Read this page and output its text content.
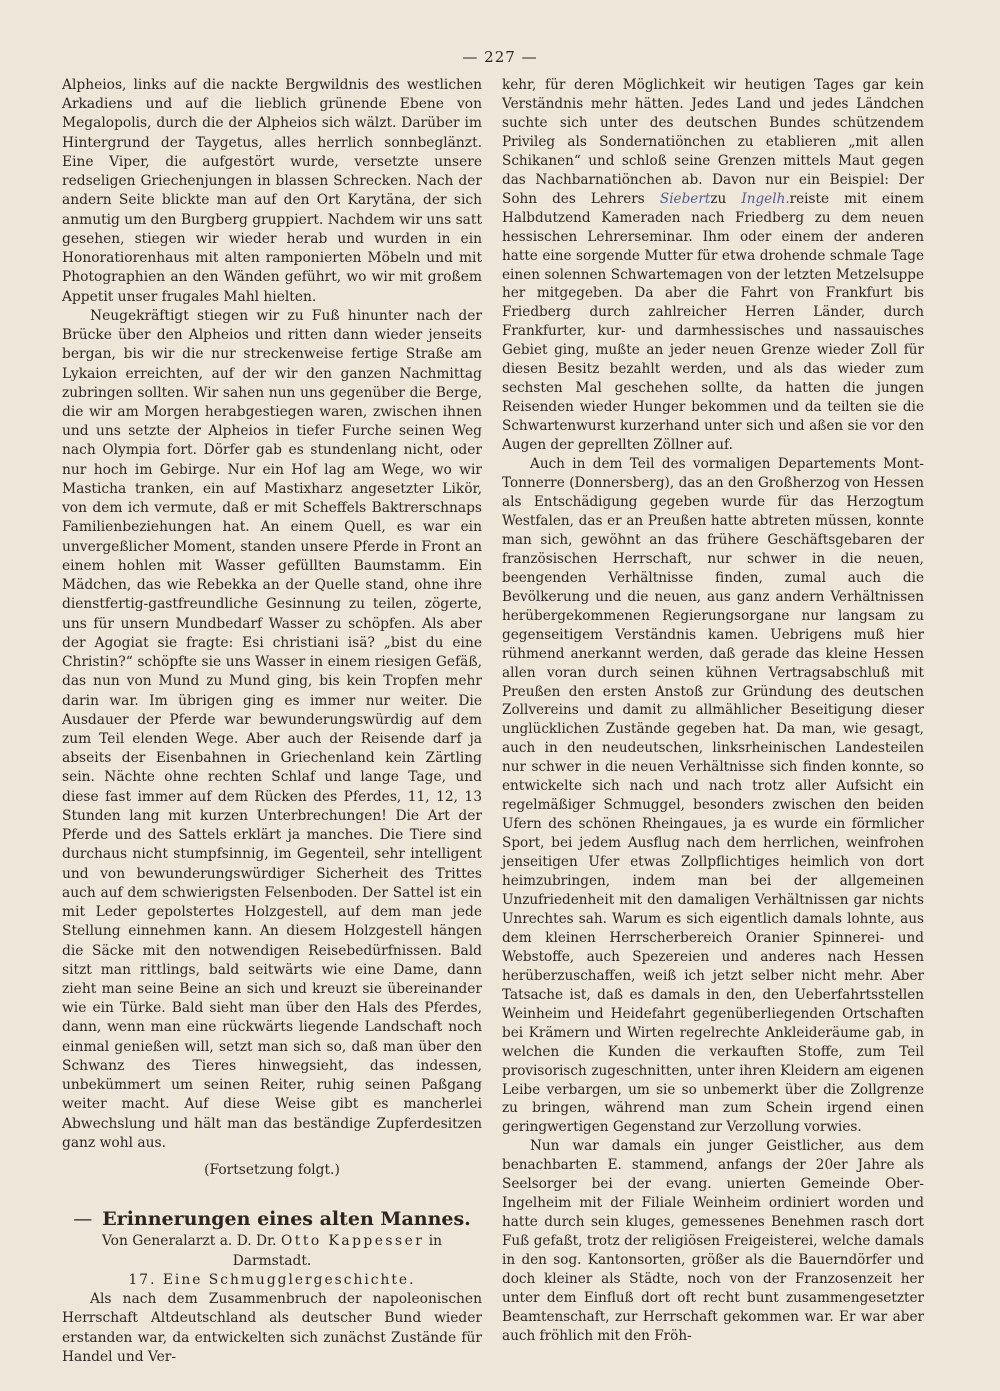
— 227 —

Alpheios, links auf die nackte Bergwildnis des westlichen Arkadiens und auf die lieblich grünende Ebene von Megalopolis, durch die der Alpheios sich wälzt. Darüber im Hintergrund der Taygetus, alles herrlich sonnbeglänzt. Eine Viper, die aufgestört wurde, versetzte unsere redseligen Griechenjungen in blassen Schrecken. Nach der andern Seite blickte man auf den Ort Karytäna, der sich anmutig um den Burgberg gruppiert. Nachdem wir uns satt gesehen, stiegen wir wieder herab und wurden in ein Honoratiorenhaus mit alten ramponierten Möbeln und mit Photographien an den Wänden geführt, wo wir mit großem Appetit unser frugales Mahl hielten.

Neugekräftigt stiegen wir zu Fuß hinunter nach der Brücke über den Alpheios und ritten dann wieder jenseits bergan, bis wir die nur streckenweise fertige Straße am Lykaion erreichten, auf der wir den ganzen Nachmittag zubringen sollten. Wir sahen nun uns gegenüber die Berge, die wir am Morgen herabgestiegen waren, zwischen ihnen und uns setzte der Alpheios in tiefer Furche seinen Weg nach Olympia fort. Dörfer gab es stundenlang nicht, oder nur hoch im Gebirge. Nur ein Hof lag am Wege, wo wir Masticha tranken, ein auf Mastixharz angesetzter Likör, von dem ich vermute, daß er mit Scheffels Baktrerschnaps Familienbeziehungen hat. An einem Quell, es war ein unvergeßlicher Moment, standen unsere Pferde in Front an einem hohlen mit Wasser gefüllten Baumstamm. Ein Mädchen, das wie Rebekka an der Quelle stand, ohne ihre dienstfertig-gastfreundliche Gesinnung zu teilen, zögerte, uns für unsern Mundbedarf Wasser zu schöpfen. Als aber der Agogiat sie fragte: Esi christiani isä? „bist du eine Christin?“ schöpfte sie uns Wasser in einem riesigen Gefäß, das nun von Mund zu Mund ging, bis kein Tropfen mehr darin war. Im übrigen ging es immer nur weiter. Die Ausdauer der Pferde war bewunderungswürdig auf dem zum Teil elenden Wege. Aber auch der Reisende darf ja abseits der Eisenbahnen in Griechenland kein Zärtling sein. Nächte ohne rechten Schlaf und lange Tage, und diese fast immer auf dem Rücken des Pferdes, 11, 12, 13 Stunden lang mit kurzen Unterbrechungen! Die Art der Pferde und des Sattels erklärt ja manches. Die Tiere sind durchaus nicht stumpfsinnig, im Gegenteil, sehr intelligent und von bewunderungswürdiger Sicherheit des Trittes auch auf dem schwierigsten Felsenboden. Der Sattel ist ein mit Leder gepolstertes Holzgestell, auf dem man jede Stellung einnehmen kann. An diesem Holzgestell hängen die Säcke mit den notwendigen Reisebedürfnissen. Bald sitzt man rittlings, bald seitwärts wie eine Dame, dann zieht man seine Beine an sich und kreuzt sie übereinander wie ein Türke. Bald sieht man über den Hals des Pferdes, dann, wenn man eine rückwärts liegende Landschaft noch einmal genießen will, setzt man sich so, daß man über den Schwanz des Tieres hinwegsieht, das indessen, unbekümmert um seinen Reiter, ruhig seinen Paßgang weiter macht. Auf diese Weise gibt es mancherlei Abwechslung und hält man das beständige Zupferdesitzen ganz wohl aus.

(Fortsetzung folgt.)

— Erinnerungen eines alten Mannes.

Von Generalarzt a. D. Dr. Otto Kappesser in Darmstadt.

17. Eine Schmugglergeschichte.

Als nach dem Zusammenbruch der napoleonischen Herrschaft Altdeutschland als deutscher Bund wieder erstanden war, da entwickelten sich zunächst Zustände für Handel und Ver-

kehr, für deren Möglichkeit wir heutigen Tages gar kein Verständnis mehr hätten. Jedes Land und jedes Ländchen suchte sich unter des deutschen Bundes schützendem Privileg als Sondernatiönchen zu etablieren „mit allen Schikanen“ und schloß seine Grenzen mittels Maut gegen das Nachbarnatiönchen ab. Davon nur ein Beispiel: Der Sohn des Lehrers Siebertzu Ingelh.reiste mit einem Halbdutzend Kameraden nach Friedberg zu dem neuen hessischen Lehrerseminar. Ihm oder einem der anderen hatte eine sorgende Mutter für etwa drohende schmale Tage einen solennen Schwartemagen von der letzten Metzelsuppe her mitgegeben. Da aber die Fahrt von Frankfurt bis Friedberg durch zahlreicher Herren Länder, durch Frankfurter, kur- und darmhessisches und nassauisches Gebiet ging, mußte an jeder neuen Grenze wieder Zoll für diesen Besitz bezahlt werden, und als das wieder zum sechsten Mal geschehen sollte, da hatten die jungen Reisenden wieder Hunger bekommen und da teilten sie die Schwartenwurst kurzerhand unter sich und aßen sie vor den Augen der geprellten Zöllner auf.

Auch in dem Teil des vormaligen Departements Mont-Tonnerre (Donnersberg), das an den Großherzog von Hessen als Entschädigung gegeben wurde für das Herzogtum Westfalen, das er an Preußen hatte abtreten müssen, konnte man sich, gewöhnt an das frühere Geschäftsgebaren der französischen Herrschaft, nur schwer in die neuen, beengenden Verhältnisse finden, zumal auch die Bevölkerung und die neuen, aus ganz andern Verhältnissen herübergekommenen Regierungsorgane nur langsam zu gegenseitigem Verständnis kamen. Uebrigens muß hier rühmend anerkannt werden, daß gerade das kleine Hessen allen voran durch seinen kühnen Vertragsabschluß mit Preußen den ersten Anstoß zur Gründung des deutschen Zollvereins und damit zu allmählicher Beseitigung dieser unglücklichen Zustände gegeben hat. Da man, wie gesagt, auch in den neudeutschen, linksrheinischen Landesteilen nur schwer in die neuen Verhältnisse sich finden konnte, so entwickelte sich nach und nach trotz aller Aufsicht ein regelmäßiger Schmuggel, besonders zwischen den beiden Ufern des schönen Rheingaues, ja es wurde ein förmlicher Sport, bei jedem Ausflug nach dem herrlichen, weinfrohen jenseitigen Ufer etwas Zollpflichtiges heimlich von dort heimzubringen, indem man bei der allgemeinen Unzufriedenheit mit den damaligen Verhältnissen gar nichts Unrechtes sah. Warum es sich eigentlich damals lohnte, aus dem kleinen Herrscherbereich Oranier Spinnerei- und Webstoffe, auch Spezereien und anderes nach Hessen herüberzuschaffen, weiß ich jetzt selber nicht mehr. Aber Tatsache ist, daß es damals in den, den Ueberfahrtsstellen Weinheim und Heidefahrt gegenüberliegenden Ortschaften bei Krämern und Wirten regelrechte Ankleideräume gab, in welchen die Kunden die verkauften Stoffe, zum Teil provisorisch zugeschnitten, unter ihren Kleidern am eigenen Leibe verbargen, um sie so unbemerkt über die Zollgrenze zu bringen, während man zum Schein irgend einen geringwertigen Gegenstand zur Verzollung vorwies.

Nun war damals ein junger Geistlicher, aus dem benachbarten E. stammend, anfangs der 20er Jahre als Seelsorger bei der evang. unierten Gemeinde Ober-Ingelheim mit der Filiale Weinheim ordiniert worden und hatte durch sein kluges, gemessenes Benehmen rasch dort Fuß gefaßt, trotz der religiösen Freigeisterei, welche damals in den sog. Kantonsorten, größer als die Bauerndörfer und doch kleiner als Städte, noch von der Franzosenzeit her unter dem Einfluß dort oft recht bunt zusammengesetzter Beamtenschaft, zur Herrschaft gekommen war. Er war aber auch fröhlich mit den Fröh-
